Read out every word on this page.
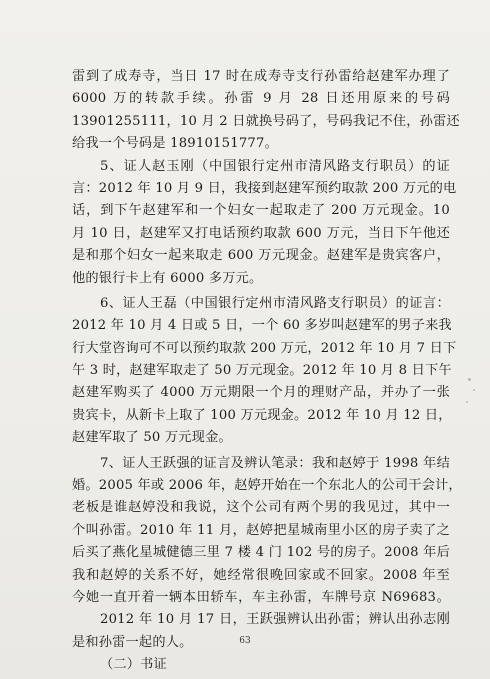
雷到了成寿寺，当日 17 时在成寿寺支行孙雷给赵建军办理了
6000 万的转款手续。孙雷 9 月 28 日还用原来的号码
13901255111，10 月 2 日就换号码了，号码我记不住，孙雷还
给我一个号码是 18910151777。
5、证人赵玉刚（中国银行定州市清风路支行职员）的证
言：2012 年 10 月 9 日，我接到赵建军预约取款 200 万元的电
话，到下午赵建军和一个妇女一起取走了 200 万元现金。10
月 10 日，赵建军又打电话预约取款 600 万元，当日下午他还
是和那个妇女一起来取走 600 万元现金。赵建军是贵宾客户，
他的银行卡上有 6000 多万元。
6、证人王磊（中国银行定州市清风路支行职员）的证言：
2012 年 10 月 4 日或 5 日，一个 60 多岁叫赵建军的男子来我
行大堂咨询可不可以预约取款 200 万元，2012 年 10 月 7 日下
午 3 时，赵建军取走了 50 万元现金。2012 年 10 月 8 日下午
赵建军购买了 4000 万元期限一个月的理财产品，并办了一张
贵宾卡，从新卡上取了 100 万元现金。2012 年 10 月 12 日，
赵建军取了 50 万元现金。
7、证人王跃强的证言及辨认笔录：我和赵婷于 1998 年结
婚。2005 年或 2006 年，赵婷开始在一个东北人的公司干会计，
老板是谁赵婷没和我说，这个公司有两个男的我见过，其中一
个叫孙雷。2010 年 11 月，赵婷把星城南里小区的房子卖了之
后买了燕化星城健德三里 7 楼 4 门 102 号的房子。2008 年后
我和赵婷的关系不好，她经常很晚回家或不回家。2008 年至
今她一直开着一辆本田轿车，车主孙雷，车牌号京 N69683。
2012 年 10 月 17 日，王跃强辨认出孙雷；辨认出孙志刚
是和孙雷一起的人。
（二）书证
63
